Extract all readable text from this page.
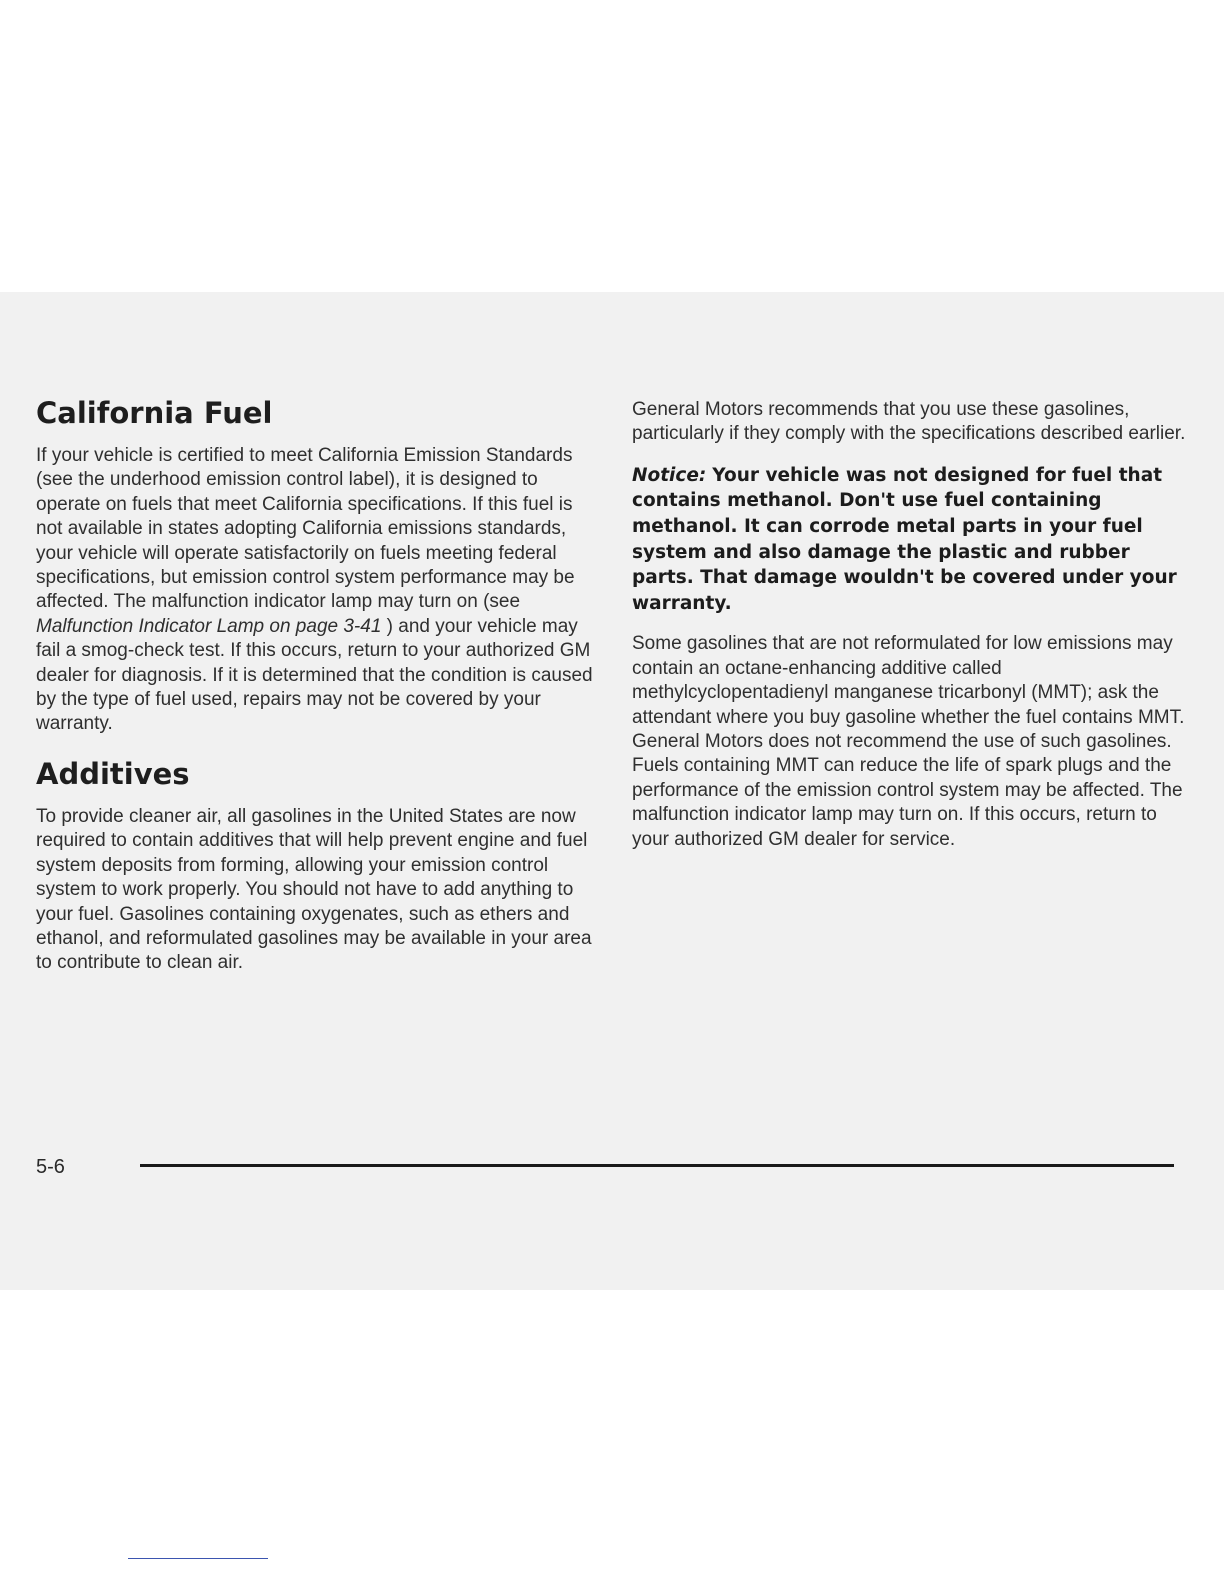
California Fuel

If your vehicle is certified to meet California Emission Standards (see the underhood emission control label), it is designed to operate on fuels that meet California specifications. If this fuel is not available in states adopting California emissions standards, your vehicle will operate satisfactorily on fuels meeting federal specifications, but emission control system performance may be affected. The malfunction indicator lamp may turn on (see Malfunction Indicator Lamp on page 3-41 ) and your vehicle may fail a smog-check test. If this occurs, return to your authorized GM dealer for diagnosis. If it is determined that the condition is caused by the type of fuel used, repairs may not be covered by your warranty.

Additives

To provide cleaner air, all gasolines in the United States are now required to contain additives that will help prevent engine and fuel system deposits from forming, allowing your emission control system to work properly. You should not have to add anything to your fuel. Gasolines containing oxygenates, such as ethers and ethanol, and reformulated gasolines may be available in your area to contribute to clean air.

General Motors recommends that you use these gasolines, particularly if they comply with the specifications described earlier.

Notice: Your vehicle was not designed for fuel that contains methanol. Don't use fuel containing methanol. It can corrode metal parts in your fuel system and also damage the plastic and rubber parts. That damage wouldn't be covered under your warranty.

Some gasolines that are not reformulated for low emissions may contain an octane-enhancing additive called methylcyclopentadienyl manganese tricarbonyl (MMT); ask the attendant where you buy gasoline whether the fuel contains MMT. General Motors does not recommend the use of such gasolines. Fuels containing MMT can reduce the life of spark plugs and the performance of the emission control system may be affected. The malfunction indicator lamp may turn on. If this occurs, return to your authorized GM dealer for service.

5-6
